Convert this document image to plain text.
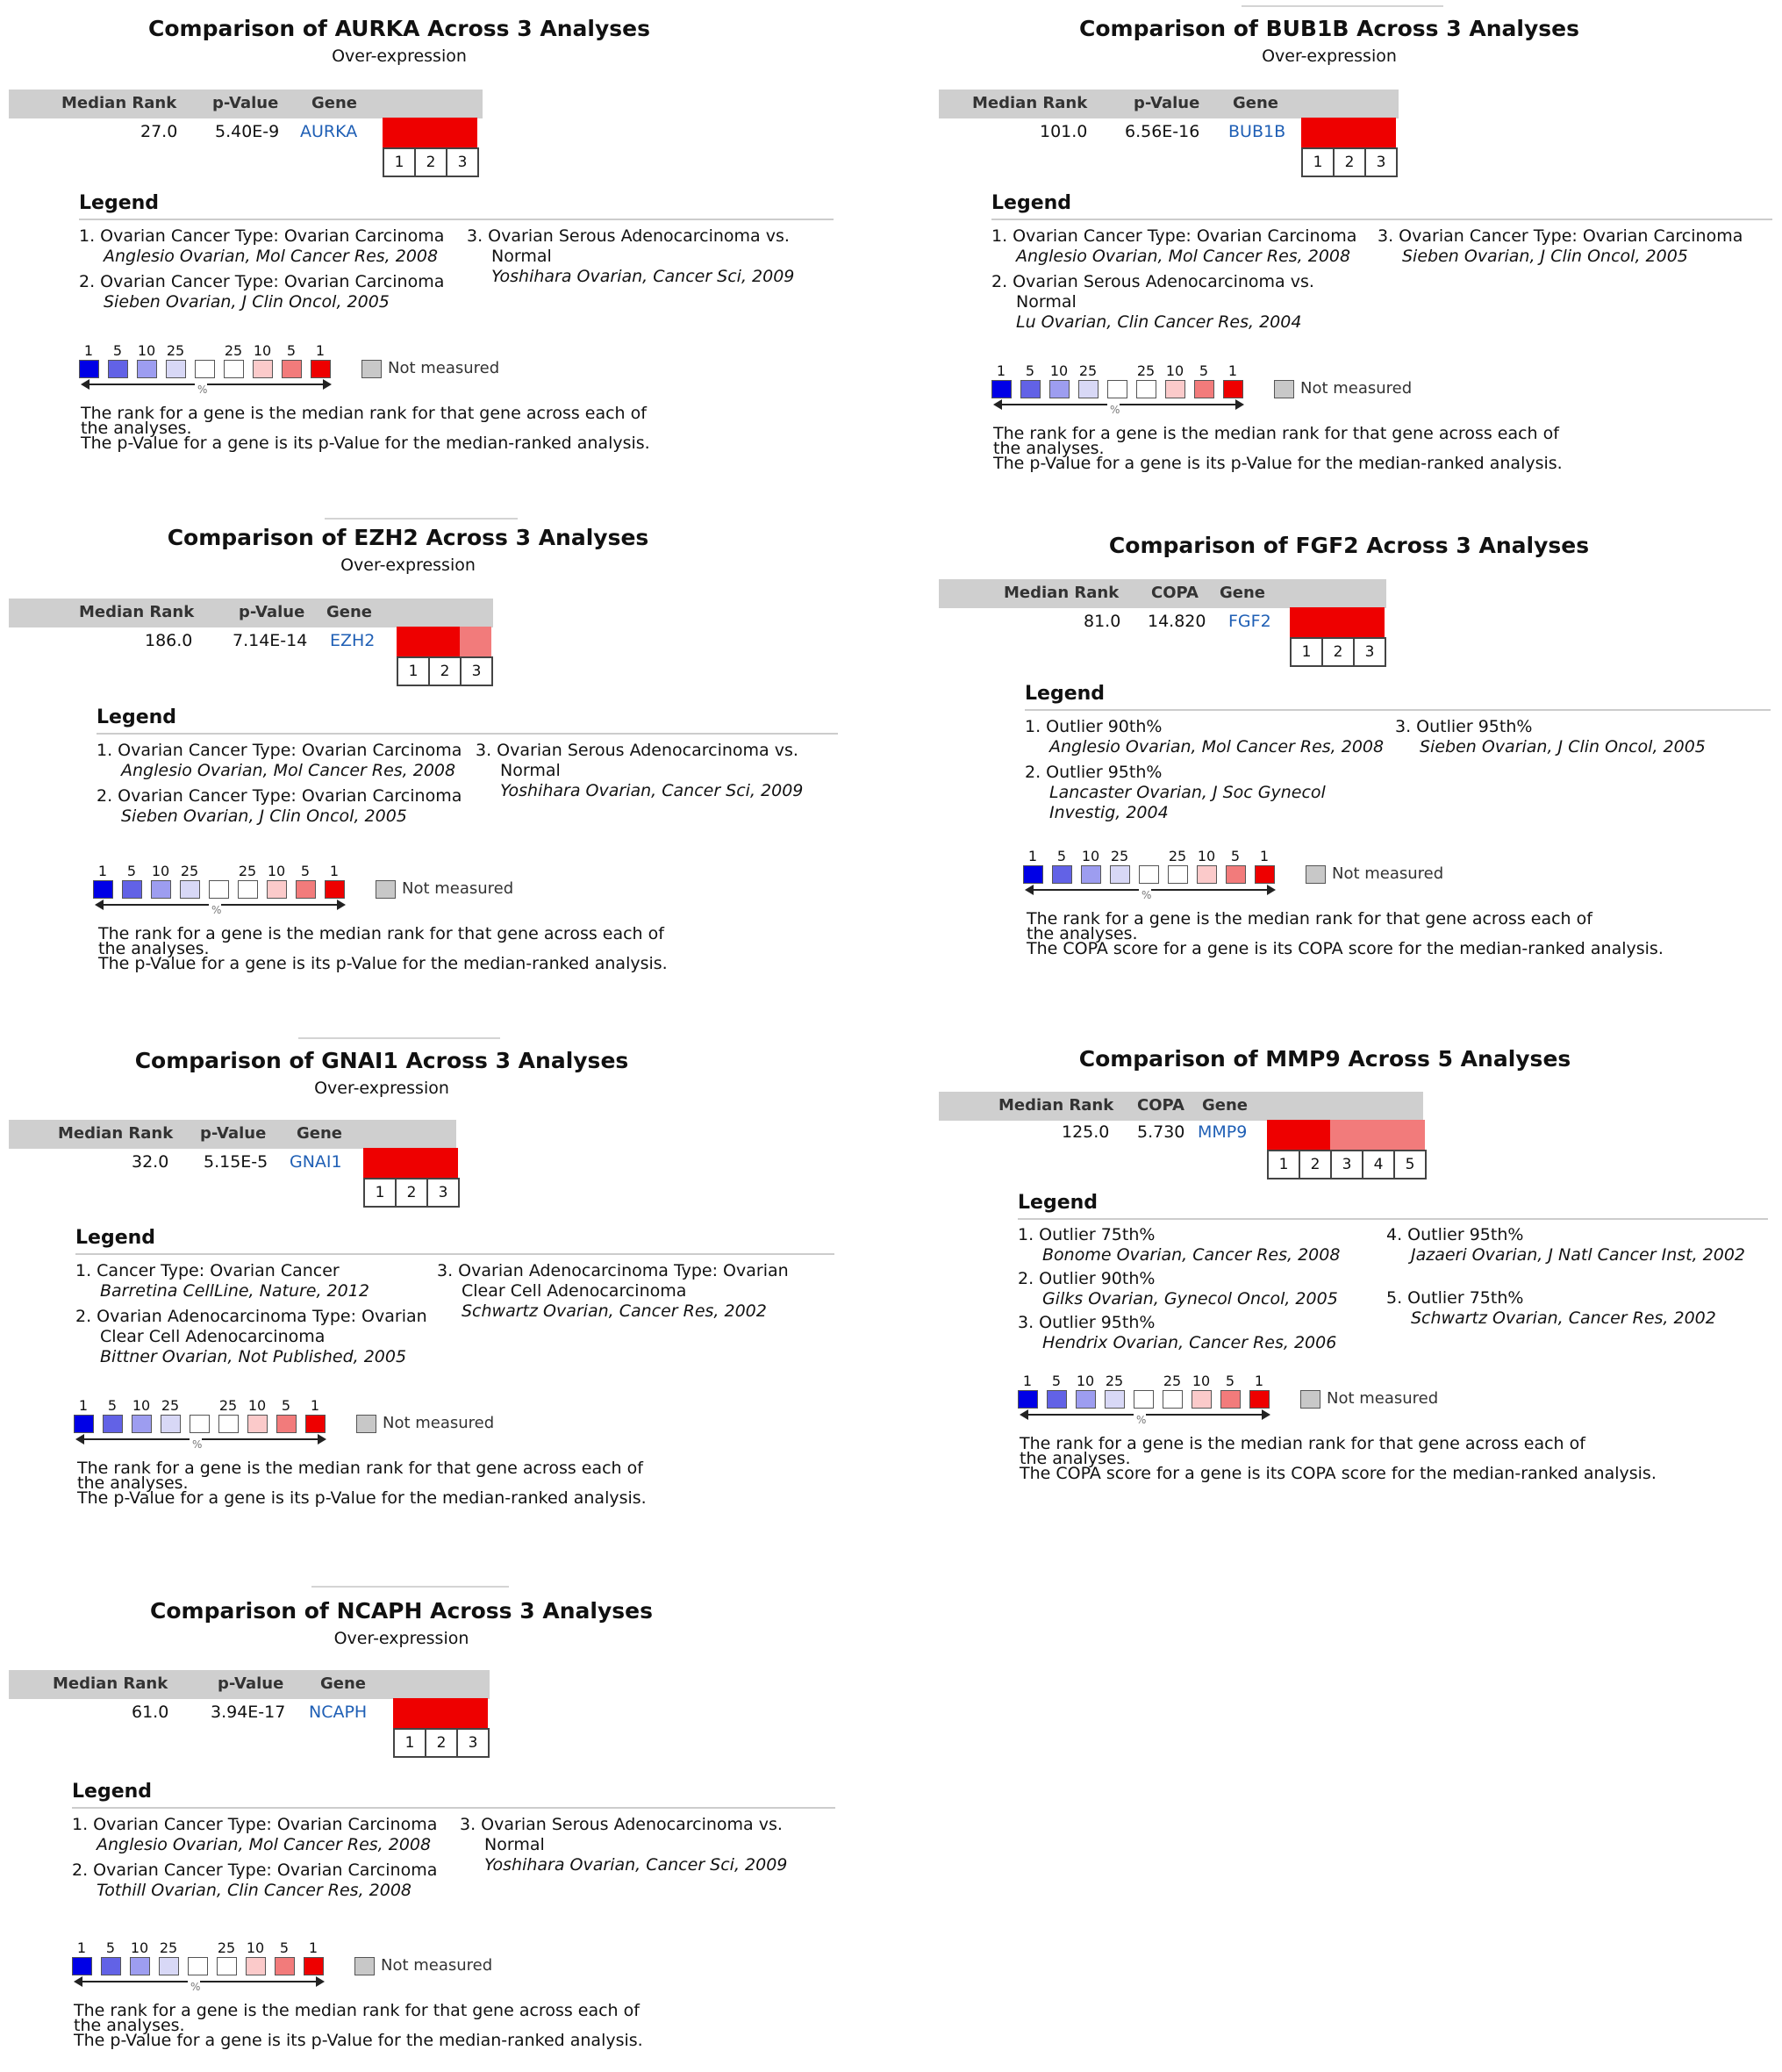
Comparison of AURKA Across 3 Analyses
Over-expression
Median Rank p-Value Gene
27.0 5.40E-9 AURKA
1	2	3
Legend
1. Ovarian Cancer Type: Ovarian Carcinoma
Anglesio Ovarian, Mol Cancer Res, 2008
2. Ovarian Cancer Type: Ovarian Carcinoma
Sieben Ovarian, J Clin Oncol, 2005
3. Ovarian Serous Adenocarcinoma vs.
Normal
Yoshihara Ovarian, Cancer Sci, 2009
1	5	10 25	25 10	5	1
Not measured
%
The rank for a gene is the median rank for that gene across each of
the analyses.
The p-Value for a gene is its p-Value for the median-ranked analysis.
Comparison of BUB1B Across 3 Analyses
Over-expression
Median Rank	p-Value Gene
101.0 6.56E-16 BUB1B
1	2	3
Legend
1. Ovarian Cancer Type: Ovarian Carcinoma
Anglesio Ovarian, Mol Cancer Res, 2008
2. Ovarian Serous Adenocarcinoma vs.
Normal
Lu Ovarian, Clin Cancer Res, 2004
3. Ovarian Cancer Type: Ovarian Carcinoma
Sieben Ovarian, J Clin Oncol, 2005
1	5	10 25	25 10	5	1
Not measured
%
The rank for a gene is the median rank for that gene across each of
the analyses.
The p-Value for a gene is its p-Value for the median-ranked analysis.
Comparison of EZH2 Across 3 Analyses
Over-expression
Median Rank	p-Value Gene
186.0 7.14E-14 EZH2
1	2	3
Legend
1. Ovarian Cancer Type: Ovarian Carcinoma
Anglesio Ovarian, Mol Cancer Res, 2008
2. Ovarian Cancer Type: Ovarian Carcinoma
Sieben Ovarian, J Clin Oncol, 2005
3. Ovarian Serous Adenocarcinoma vs.
Normal
Yoshihara Ovarian, Cancer Sci, 2009
1	5	10 25	25 10	5	1
Not measured
%
The rank for a gene is the median rank for that gene across each of
the analyses.
The p-Value for a gene is its p-Value for the median-ranked analysis.
Comparison of FGF2 Across 3 Analyses
Median Rank COPA Gene
81.0 14.820 FGF2
1	2	3
Legend
1. Outlier 90th%
Anglesio Ovarian, Mol Cancer Res, 2008
2. Outlier 95th%
Lancaster Ovarian, J Soc Gynecol Investig, 2004
3. Outlier 95th%
Sieben Ovarian, J Clin Oncol, 2005
1	5	10 25	25 10	5	1
Not measured
%
The rank for a gene is the median rank for that gene across each of
the analyses.
The COPA score for a gene is its COPA score for the median-ranked analysis.
Comparison of GNAI1 Across 3 Analyses
Over-expression
Median Rank p-Value Gene
32.0 5.15E-5 GNAI1
1	2	3
Legend
1. Cancer Type: Ovarian Cancer
Barretina CellLine, Nature, 2012
2. Ovarian Adenocarcinoma Type: Ovarian
Clear Cell Adenocarcinoma
Bittner Ovarian, Not Published, 2005
3. Ovarian Adenocarcinoma Type: Ovarian
Clear Cell Adenocarcinoma
Schwartz Ovarian, Cancer Res, 2002
1	5	10 25	25 10	5	1
Not measured
%
The rank for a gene is the median rank for that gene across each of
the analyses.
The p-Value for a gene is its p-Value for the median-ranked analysis.
Comparison of MMP9 Across 5 Analyses
Median Rank COPA Gene
125.0 5.730 MMP9
1	2	3	4	5
Legend
1. Outlier 75th%
Bonome Ovarian, Cancer Res, 2008
2. Outlier 90th%
Gilks Ovarian, Gynecol Oncol, 2005
3. Outlier 95th%
Hendrix Ovarian, Cancer Res, 2006
4. Outlier 95th%
Jazaeri Ovarian, J Natl Cancer Inst, 2002
5. Outlier 75th%
Schwartz Ovarian, Cancer Res, 2002
1	5	10 25	25 10	5	1
Not measured
%
The rank for a gene is the median rank for that gene across each of
the analyses.
The COPA score for a gene is its COPA score for the median-ranked analysis.
Comparison of NCAPH Across 3 Analyses
Over-expression
Median Rank	p-Value Gene
61.0	3.94E-17 NCAPH
1	2	3
Legend
1. Ovarian Cancer Type: Ovarian Carcinoma
Anglesio Ovarian, Mol Cancer Res, 2008
2. Ovarian Cancer Type: Ovarian Carcinoma
Tothill Ovarian, Clin Cancer Res, 2008
3. Ovarian Serous Adenocarcinoma vs.
Normal
Yoshihara Ovarian, Cancer Sci, 2009
1	5	10 25	25 10	5	1
Not measured
%
The rank for a gene is the median rank for that gene across each of
the analyses.
The p-Value for a gene is its p-Value for the median-ranked analysis.
